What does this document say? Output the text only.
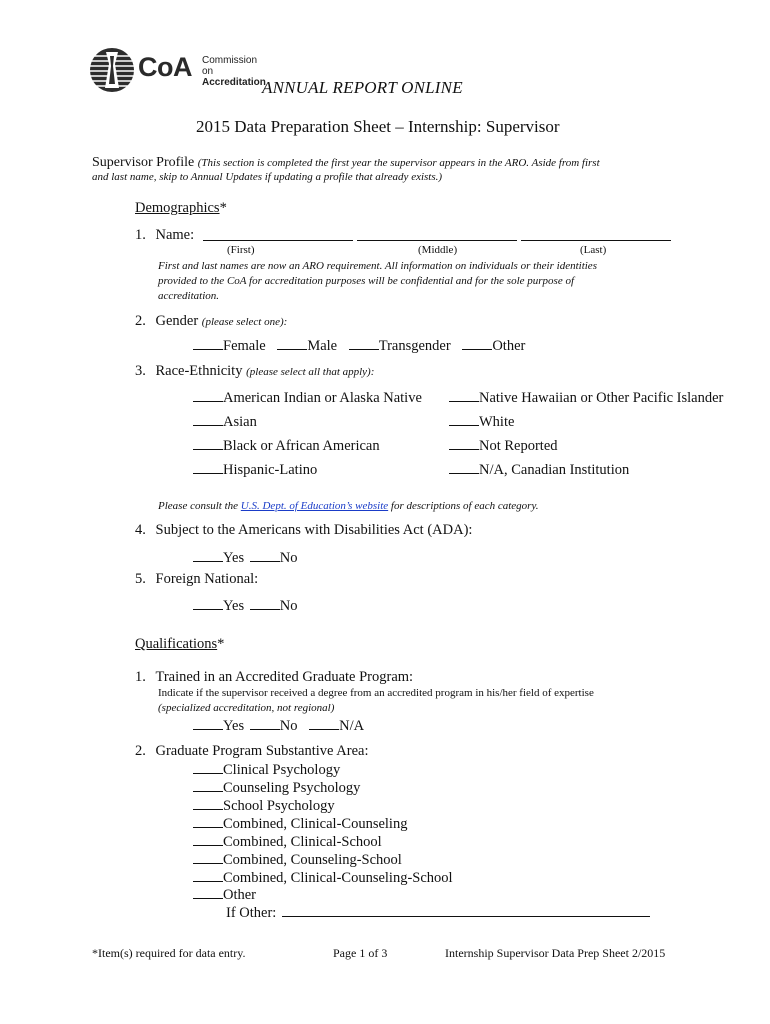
CoA Commission on
Accreditation
ANNUAL REPORT ONLINE
2015 Data Preparation Sheet – Internship: Supervisor
Supervisor Profile (This section is completed the first year the supervisor appears in the ARO. Aside from first
and last name, skip to Annual Updates if updating a profile that already exists.)
Demographics*
1. Name:
(First)	(Middle)	(Last)
First and last names are now an ARO requirement. All information on individuals or their identities
provided to the CoA for accreditation purposes will be confidential and for the sole purpose of
accreditation.
2. Gender (please select one):
Female	Male	Transgender	Other
3. Race-Ethnicity (please select all that apply):
American Indian or Alaska Native
Asian
Black or African American
Hispanic-Latino
Native Hawaiian or Other Pacific Islander
White
Not Reported
N/A, Canadian Institution
Please consult the U.S. Dept. of Education’s website for descriptions of each category.
4. Subject to the Americans with Disabilities Act (ADA):
Yes No
5. Foreign National:
Yes No
Qualifications*
1. Trained in an Accredited Graduate Program:
Indicate if the supervisor received a degree from an accredited program in his/her field of expertise
(specialized accreditation, not regional)
Yes No	N/A
2. Graduate Program Substantive Area:
Clinical Psychology
Counseling Psychology
School Psychology
Combined, Clinical-Counseling
Combined, Clinical-School
Combined, Counseling-School
Combined, Clinical-Counseling-School
Other
If Other:
*Item(s) required for data entry.	Page 1 of 3	Internship Supervisor Data Prep Sheet 2/2015
